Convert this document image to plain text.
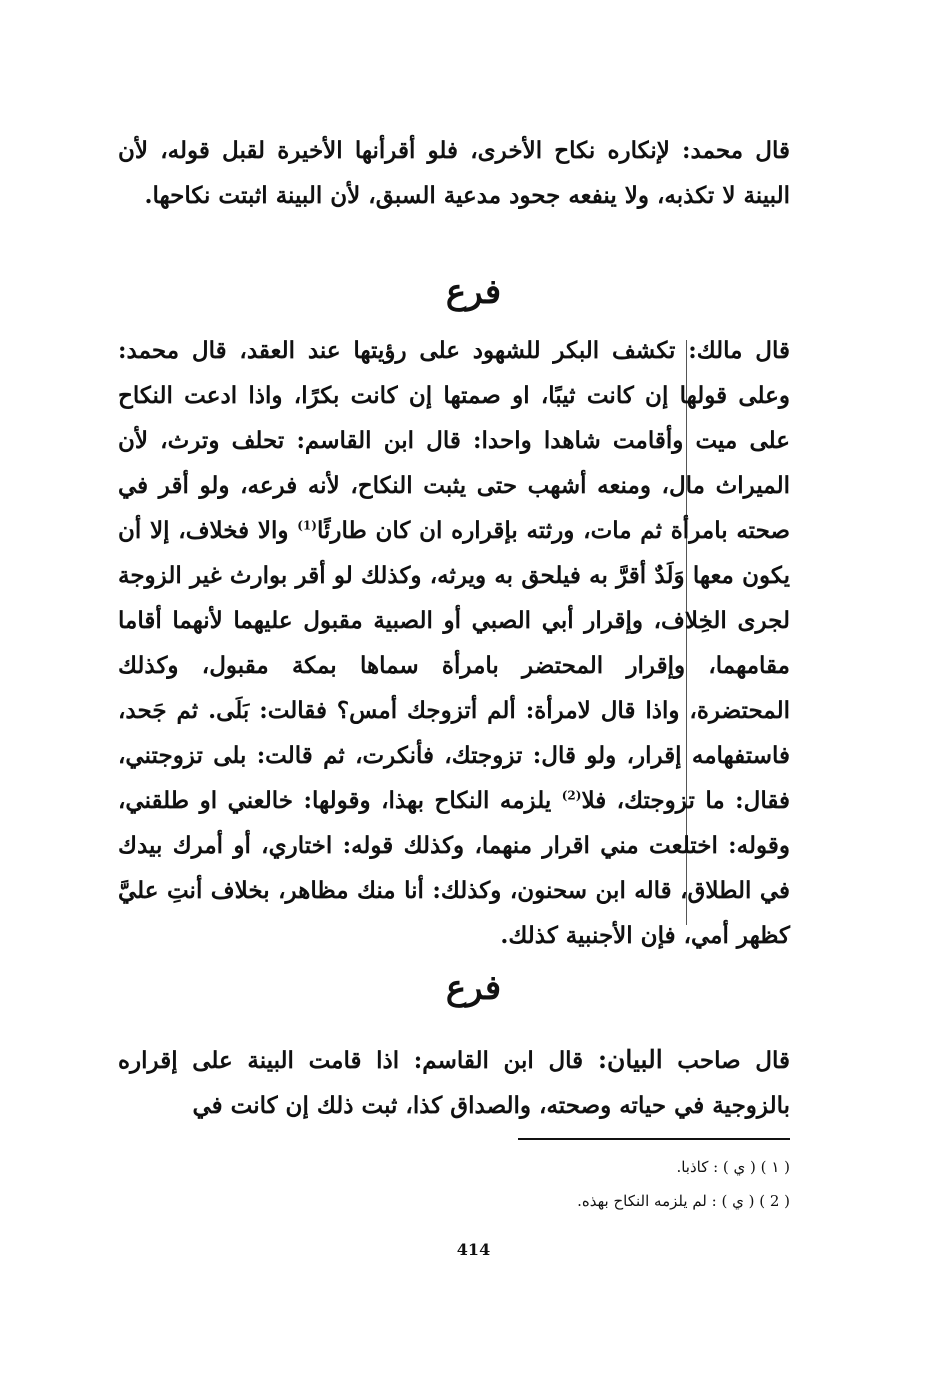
قال محمد: لإنكاره نكاح الأخرى، فلو أقرأنها الأخيرة لقبل قوله، لأن البينة لا تكذبه، ولا ينفعه جحود مدعية السبق، لأن البينة اثبتت نكاحها.

فرع

قال مالك: تكشف البكر للشهود على رؤيتها عند العقد، قال محمد: وعلى قولها إن كانت ثيبًا، او صمتها إن كانت بكرًا، واذا ادعت النكاح على ميت وأقامت شاهدا واحدا: قال ابن القاسم: تحلف وترث، لأن الميراث مال، ومنعه أشهب حتى يثبت النكاح، لأنه فرعه، ولو أقر في صحته بامرأة ثم مات، ورثته بإقراره ان كان طارئًا$^{(1)}$ والا فخلاف، إلا أن يكون معها وَلَدٌ أقرَّ به فيلحق به ويرثه، وكذلك لو أقر بوارث غير الزوجة لجرى الخِلاف، وإقرار أبي الصبي أو الصبية مقبول عليهما لأنهما أقاما مقامهما، وإقرار المحتضر بامرأة سماها بمكة مقبول، وكذلك المحتضرة، واذا قال لامرأة: ألم أتزوجك أمس؟ فقالت: بَلَى. ثم جَحد، فاستفهامه إقرار، ولو قال: تزوجتك، فأنكرت، ثم قالت: بلى تزوجتني، فقال: ما تزوجتك، فلا$^{(2)}$ يلزمه النكاح بهذا، وقولها: خالعني او طلقني، وقوله: اختلعت مني اقرار منهما، وكذلك قوله: اختاري، أو أمرك بيدك في الطلاق، قاله ابن سحنون، وكذلك: أنا منك مظاهر، بخلاف أنتِ عليَّ كظهر أمي، فإن الأجنبية كذلك.

فرع

قال صاحب البيان: قال ابن القاسم: اذا قامت البينة على إقراره بالزوجية في حياته وصحته، والصداق كذا، ثبت ذلك إن كانت في

( ١ ) ( ي ) : كاذبا.
( 2 ) ( ي ) : لم يلزمه النكاح بهذه.
414
